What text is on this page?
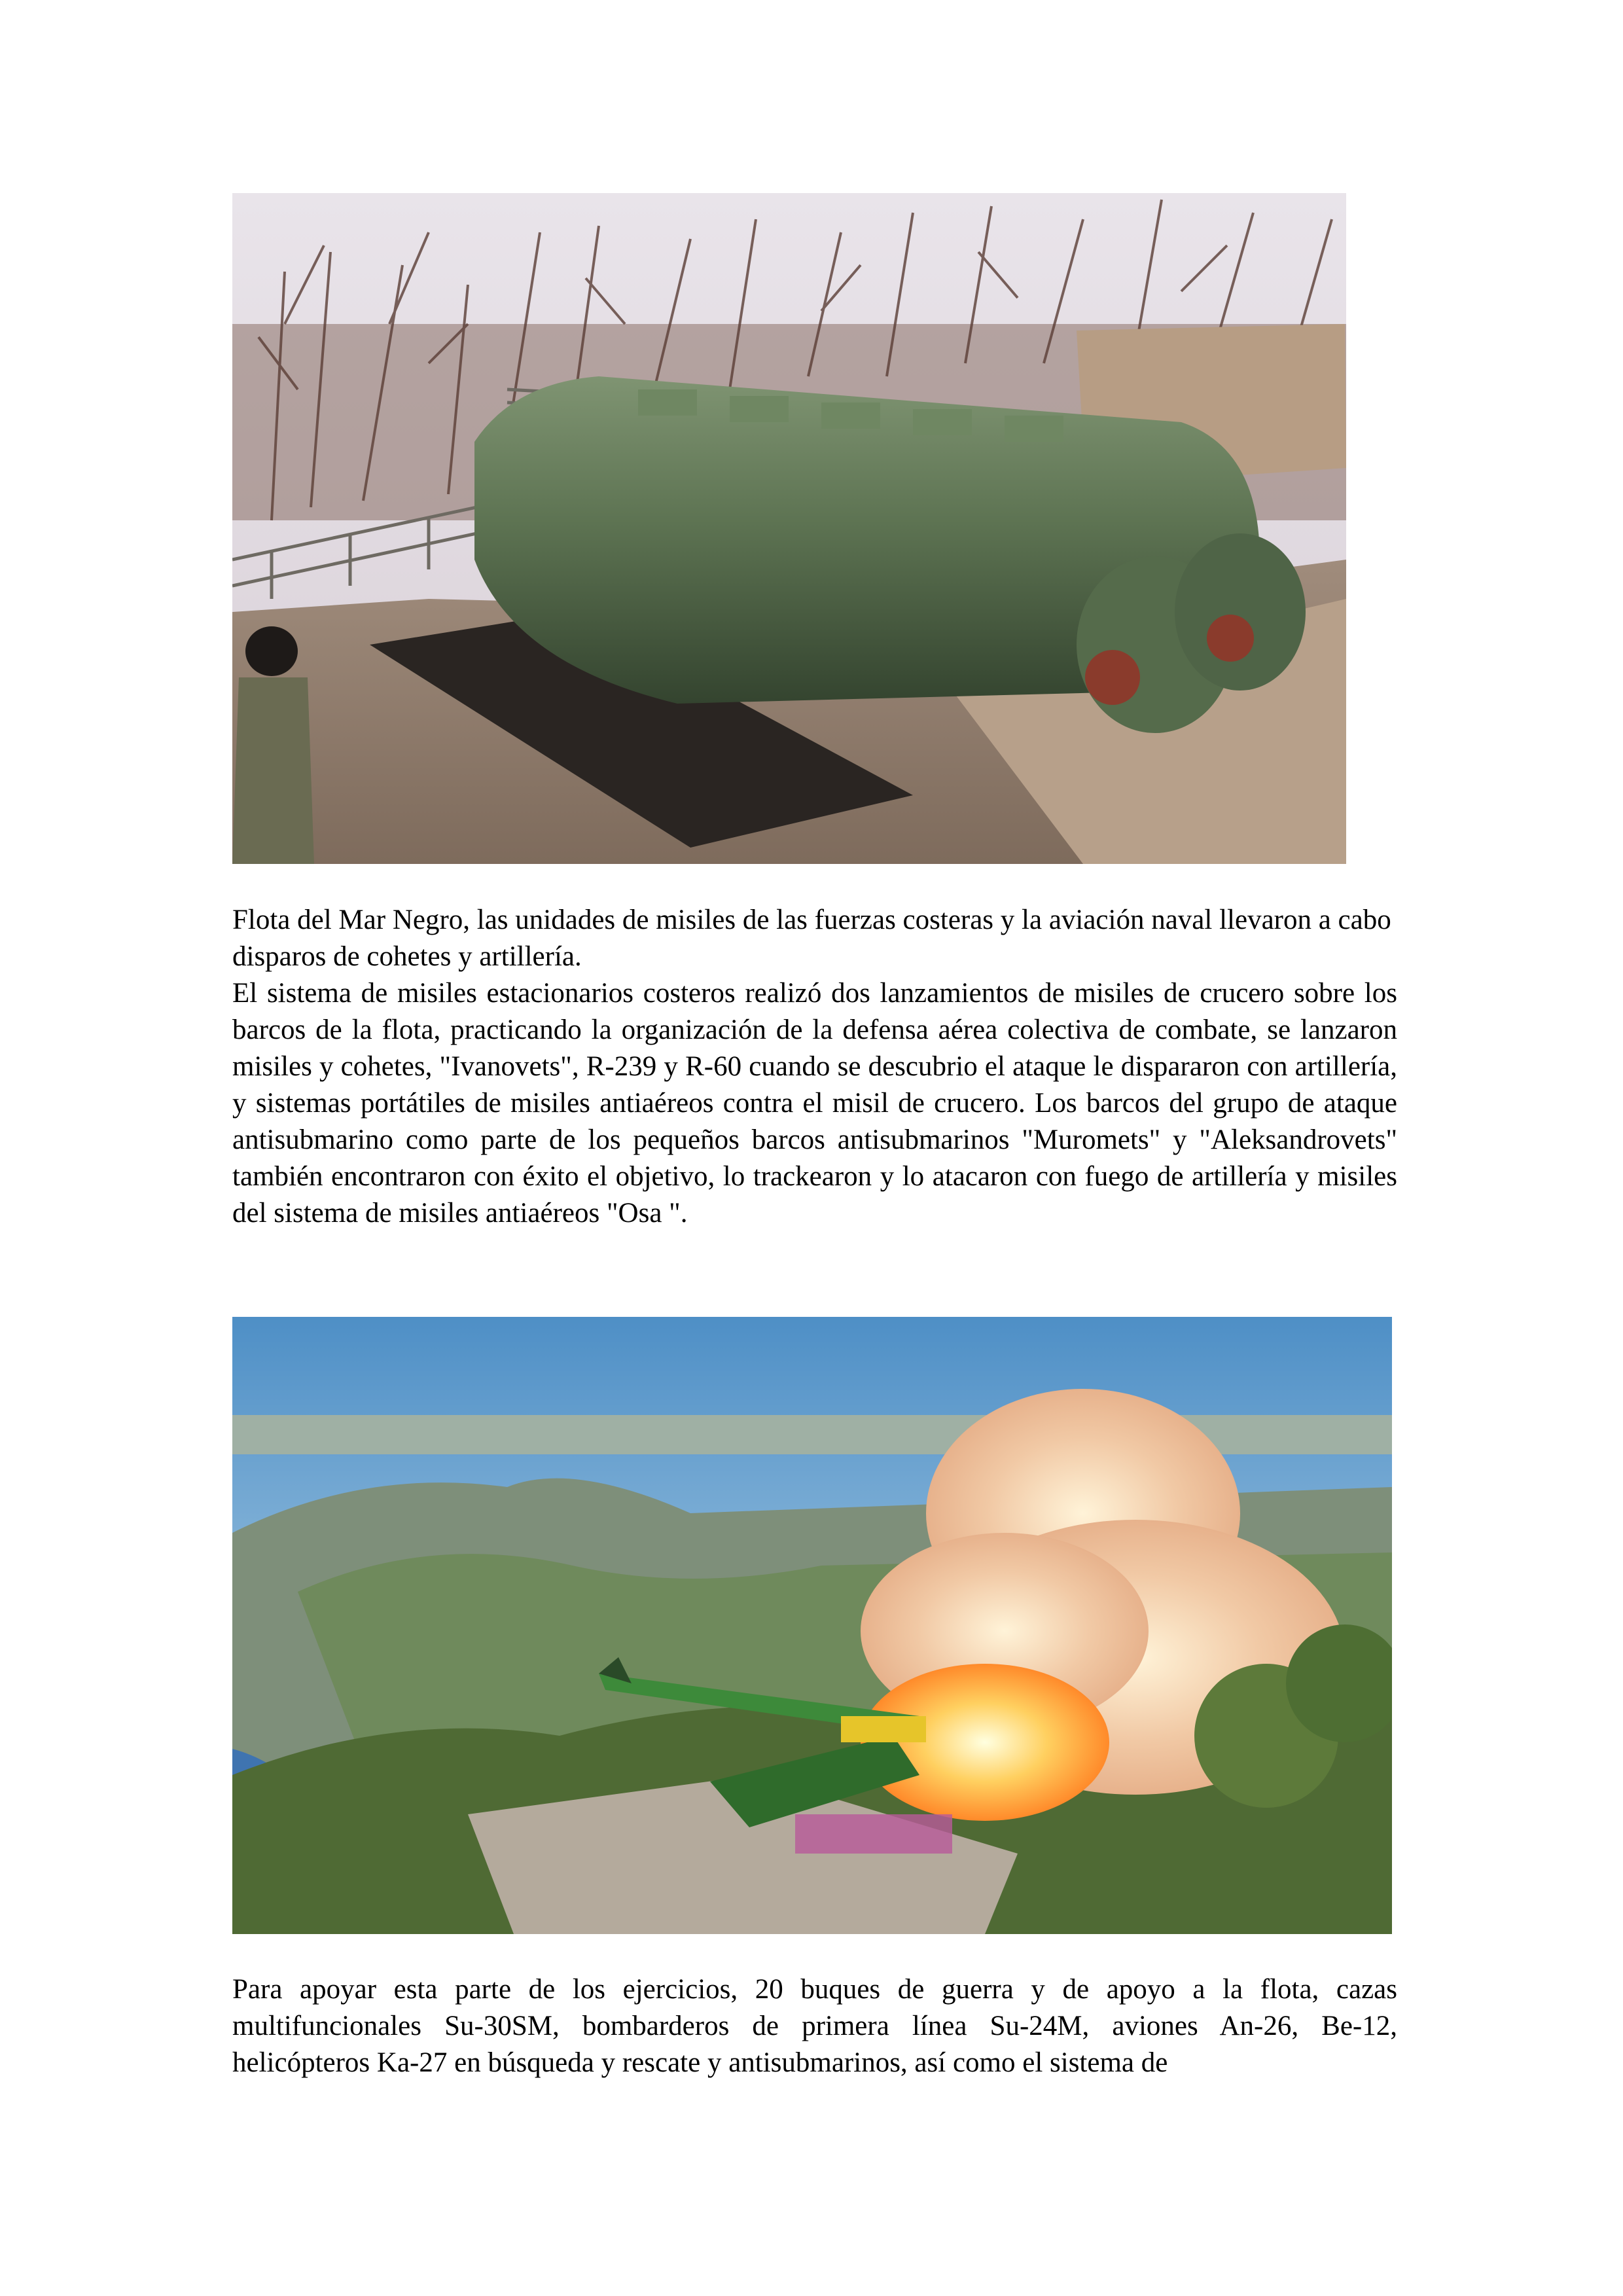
Flota del Mar Negro, las unidades de misiles de las fuerzas costeras y la aviación naval llevaron a cabo disparos de cohetes y artillería.

El sistema de misiles estacionarios costeros realizó dos lanzamientos de misiles de crucero sobre los barcos de la flota, practicando la organización de la defensa aérea colectiva de combate, se lanzaron misiles y cohetes, "Ivanovets", R-239 y R-60 cuando se descubrio el ataque le dispararon con artillería, y sistemas portátiles de misiles antiaéreos contra el misil de crucero. Los barcos del grupo de ataque antisubmarino como parte de los pequeños barcos antisubmarinos "Muromets" y "Aleksandrovets" también encontraron con éxito el objetivo, lo trackearon y lo atacaron con fuego de artillería y misiles del sistema de misiles antiaéreos "Osa ".

Para apoyar esta parte de los ejercicios, 20 buques de guerra y de apoyo a la flota, cazas multifuncionales Su-30SM, bombarderos de primera línea Su-24M, aviones An-26, Be-12, helicópteros Ka-27 en búsqueda y rescate y antisubmarinos, así como el sistema de
